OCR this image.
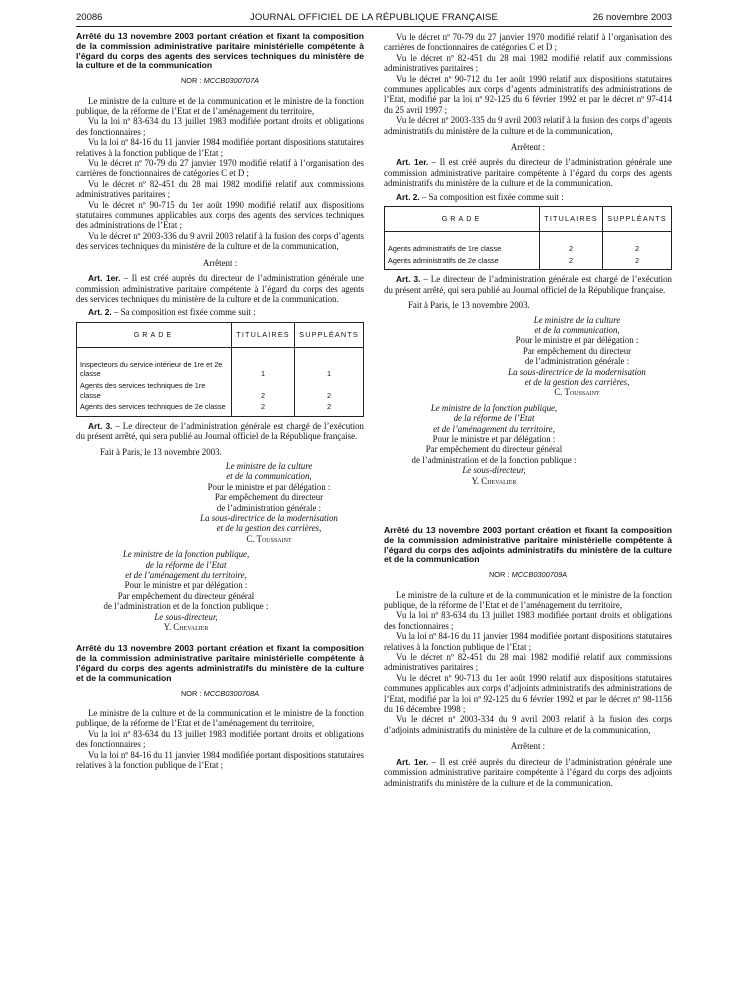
20086	JOURNAL OFFICIEL DE LA RÉPUBLIQUE FRANÇAISE	26 novembre 2003
Arrêté du 13 novembre 2003 portant création et fixant la composition de la commission administrative paritaire ministérielle compétente à l’égard du corps des agents des services techniques du ministère de la culture et de la communication
NOR : MCCB0300707A
Le ministre de la culture et de la communication et le ministre de la fonction publique, de la réforme de l’Etat et de l’aménagement du territoire,
Vu la loi nº 83-634 du 13 juillet 1983 modifiée portant droits et obligations des fonctionnaires ;
Vu la loi nº 84-16 du 11 janvier 1984 modifiée portant dispositions statutaires relatives à la fonction publique de l’Etat ;
Vu le décret nº 70-79 du 27 janvier 1970 modifié relatif à l’organisation des carrières de fonctionnaires de catégories C et D ;
Vu le décret nº 82-451 du 28 mai 1982 modifié relatif aux commissions administratives paritaires ;
Vu le décret nº 90-715 du 1er août 1990 modifié relatif aux dispositions statutaires communes applicables aux corps des agents des services techniques des administrations de l’Etat ;
Vu le décret nº 2003-336 du 9 avril 2003 relatif à la fusion des corps d’agents des services techniques du ministère de la culture et de la communication,
Arrêtent :
Art. 1er. – Il est créé auprès du directeur de l’administration générale une commission administrative paritaire compétente à l’égard du corps des agents des services techniques du ministère de la culture et de la communication.
Art. 2. – Sa composition est fixée comme suit :
GRADE	TITULAIRES	SUPPLÉANTS

Inspecteurs du service intérieur de 1re et 2e classe	1	1
Agents des services techniques de 1re classe	2	2
Agents des services techniques de 2e classe	2	2
Art. 3. – Le directeur de l’administration générale est chargé de l’exécution du présent arrêté, qui sera publié au Journal officiel de la République française.
Fait à Paris, le 13 novembre 2003.
Le ministre de la culture
et de la communication,
Pour le ministre et par délégation :
Par empêchement du directeur
de l’administration générale :
La sous-directrice de la modernisation
et de la gestion des carrières,
C. Toussaint
Le ministre de la fonction publique,
de la réforme de l’Etat
et de l’aménagement du territoire,
Pour le ministre et par délégation :
Par empêchement du directeur général
de l’administration et de la fonction publique :
Le sous-directeur,
Y. Chevalier
Arrêté du 13 novembre 2003 portant création et fixant la composition de la commission administrative paritaire ministérielle compétente à l’égard du corps des agents administratifs du ministère de la culture et de la communication
NOR : MCCB0300708A
Le ministre de la culture et de la communication et le ministre de la fonction publique, de la réforme de l’Etat et de l’aménagement du territoire,
Vu la loi nº 83-634 du 13 juillet 1983 modifiée portant droits et obligations des fonctionnaires ;
Vu la loi nº 84-16 du 11 janvier 1984 modifiée portant dispositions statutaires relatives à la fonction publique de l’Etat ;
Vu le décret nº 70-79 du 27 janvier 1970 modifié relatif à l’organisation des carrières de fonctionnaires de catégories C et D ;
Vu le décret nº 82-451 du 28 mai 1982 modifié relatif aux commissions administratives paritaires ;
Vu le décret nº 90-712 du 1er août 1990 relatif aux dispositions statutaires communes applicables aux corps d’agents administratifs des administrations de l’Etat, modifié par la loi nº 92-125 du 6 février 1992 et par le décret nº 97-414 du 25 avril 1997 ;
Vu le décret nº 2003-335 du 9 avril 2003 relatif à la fusion des corps d’agents administratifs du ministère de la culture et de la communication,
Arrêtent :
Art. 1er. – Il est créé auprès du directeur de l’administration générale une commission administrative paritaire compétente à l’égard du corps des agents administratifs du ministère de la culture et de la communication.
Art. 2. – Sa composition est fixée comme suit :
GRADE	TITULAIRES	SUPPLÉANTS

Agents administratifs de 1re classe	2	2
Agents administratifs de 2e classe	2	2
Art. 3. – Le directeur de l’administration générale est chargé de l’exécution du présent arrêté, qui sera publié au Journal officiel de la République française.
Fait à Paris, le 13 novembre 2003.
Le ministre de la culture
et de la communication,
Pour le ministre et par délégation :
Par empêchement du directeur
de l’administration générale :
La sous-directrice de la modernisation
et de la gestion des carrières,
C. Toussaint
Le ministre de la fonction publique,
de la réforme de l’Etat
et de l’aménagement du territoire,
Pour le ministre et par délégation :
Par empêchement du directeur général
de l’administration et de la fonction publique :
Le sous-directeur,
Y. Chevalier
Arrêté du 13 novembre 2003 portant création et fixant la composition de la commission administrative paritaire ministérielle compétente à l’égard du corps des adjoints administratifs du ministère de la culture et de la communication
NOR : MCCB0300709A
Le ministre de la culture et de la communication et le ministre de la fonction publique, de la réforme de l’Etat et de l’aménagement du territoire,
Vu la loi nº 83-634 du 13 juillet 1983 modifiée portant droits et obligations des fonctionnaires ;
Vu la loi nº 84-16 du 11 janvier 1984 modifiée portant dispositions statutaires relatives à la fonction publique de l’Etat ;
Vu le décret nº 82-451 du 28 mai 1982 modifié relatif aux commissions administratives paritaires ;
Vu le décret nº 90-713 du 1er août 1990 relatif aux dispositions statutaires communes applicables aux corps d’adjoints administratifs des administrations de l’Etat, modifié par la loi nº 92-125 du 6 février 1992 et par le décret nº 98-1156 du 16 décembre 1998 ;
Vu le décret nº 2003-334 du 9 avril 2003 relatif à la fusion des corps d’adjoints administratifs du ministère de la culture et de la communication,
Arrêtent :
Art. 1er. – Il est créé auprès du directeur de l’administration générale une commission administrative paritaire compétente à l’égard du corps des adjoints administratifs du ministère de la culture et de la communication.
